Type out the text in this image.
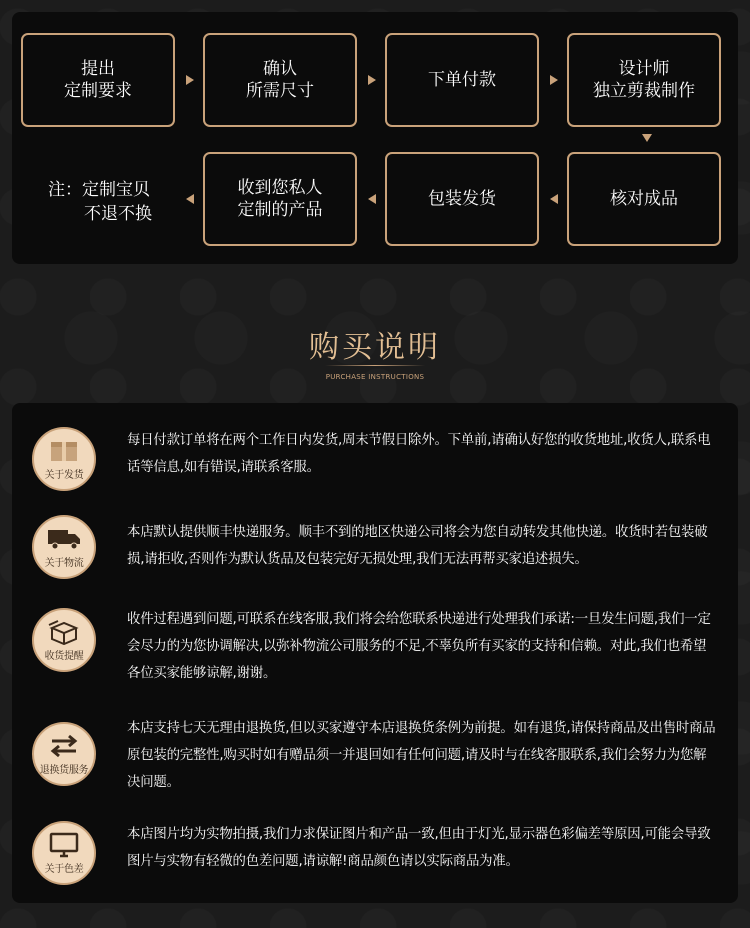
提出
定制要求
确认
所需尺寸
下单付款
设计师
独立剪裁制作
核对成品
包装发货
收到您私人
定制的产品
注：定制宝贝
不退不换
购买说明
PURCHASE INSTRUCTIONS
关于发货

每日付款订单将在两个工作日内发货,周末节假日除外。下单前,请确认好您的收货地址,收货人,联系电话等信息,如有错误,请联系客服。

关于物流

本店默认提供顺丰快递服务。顺丰不到的地区快递公司将会为您自动转发其他快递。收货时若包装破损,请拒收,否则作为默认货品及包装完好无损处理,我们无法再帮买家追述损失。

收货提醒

收件过程遇到问题,可联系在线客服,我们将会给您联系快递进行处理我们承诺:一旦发生问题,我们一定会尽力的为您协调解决,以弥补物流公司服务的不足,不辜负所有买家的支持和信赖。对此,我们也希望各位买家能够谅解,谢谢。

退换货服务

本店支持七天无理由退换货,但以买家遵守本店退换货条例为前提。如有退货,请保持商品及出售时商品原包装的完整性,购买时如有赠品须一并退回如有任何问题,请及时与在线客服联系,我们会努力为您解决问题。

关于色差

本店图片均为实物拍摄,我们力求保证图片和产品一致,但由于灯光,显示器色彩偏差等原因,可能会导致图片与实物有轻微的色差问题,请谅解!商品颜色请以实际商品为准。
